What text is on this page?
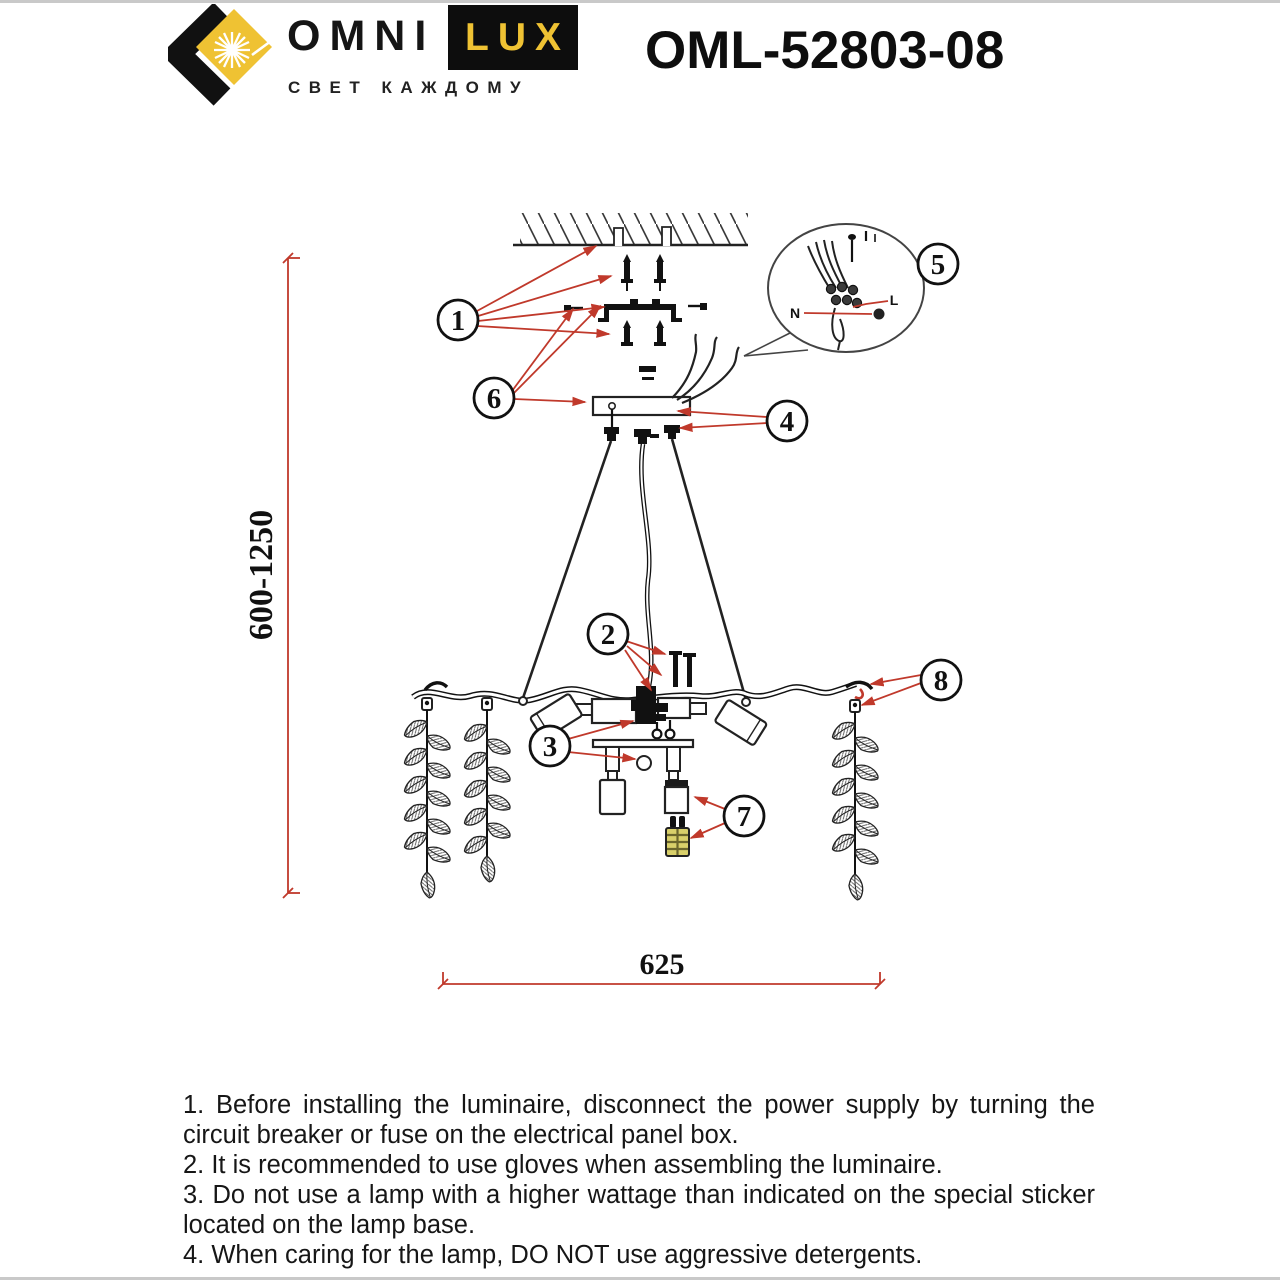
OMNI LUX
СВЕТ КАЖДОМУ
OML-52803-08
N
L
600-1250
625
1
2
3
4
5
6
7
8

1. Before installing the luminaire, disconnect the power supply by turning the circuit breaker or fuse on the electrical panel box.

2. It is recommended to use gloves when assembling the luminaire.

3. Do not use a lamp with a higher wattage than indicated on the special sticker located on the lamp base.

4. When caring for the lamp, DO NOT use aggressive detergents.
